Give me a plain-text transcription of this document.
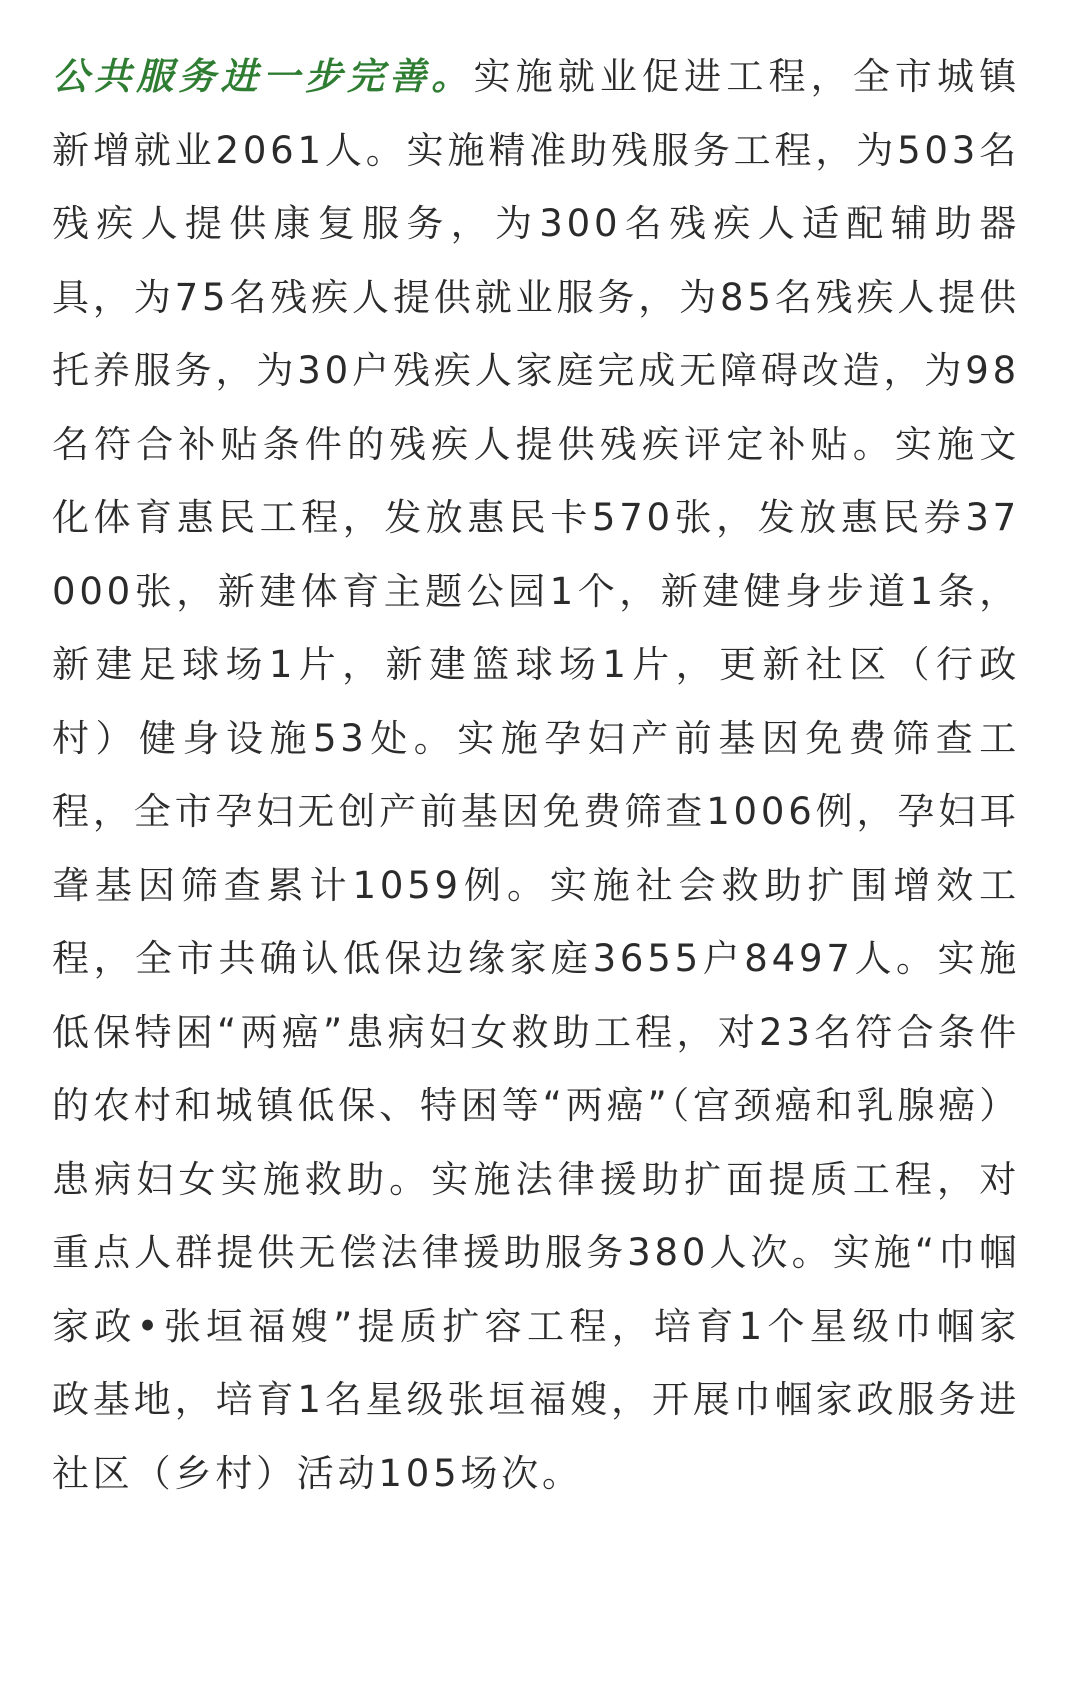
公共服务进一步完善。实施就业促进工程，全市城镇新增就业2061人。实施精准助残服务工程，为503名残疾人提供康复服务，为300名残疾人适配辅助器具，为75名残疾人提供就业服务，为85名残疾人提供托养服务，为30户残疾人家庭完成无障碍改造，为98名符合补贴条件的残疾人提供残疾评定补贴。实施文化体育惠民工程，发放惠民卡570张，发放惠民券37000张，新建体育主题公园1个，新建健身步道1条，新建足球场1片，新建篮球场1片，更新社区（行政村）健身设施53处。实施孕妇产前基因免费筛查工程，全市孕妇无创产前基因免费筛查1006例，孕妇耳聋基因筛查累计1059例。实施社会救助扩围增效工程，全市共确认低保边缘家庭3655户8497人。实施低保特困“两癌”患病妇女救助工程，对23名符合条件的农村和城镇低保、特困等“两癌”（宫颈癌和乳腺癌）患病妇女实施救助。实施法律援助扩面提质工程，对重点人群提供无偿法律援助服务380人次。实施“巾帼家政•张垣福嫂”提质扩容工程，培育1个星级巾帼家政基地，培育1名星级张垣福嫂，开展巾帼家政服务进社区（乡村）活动105场次。
